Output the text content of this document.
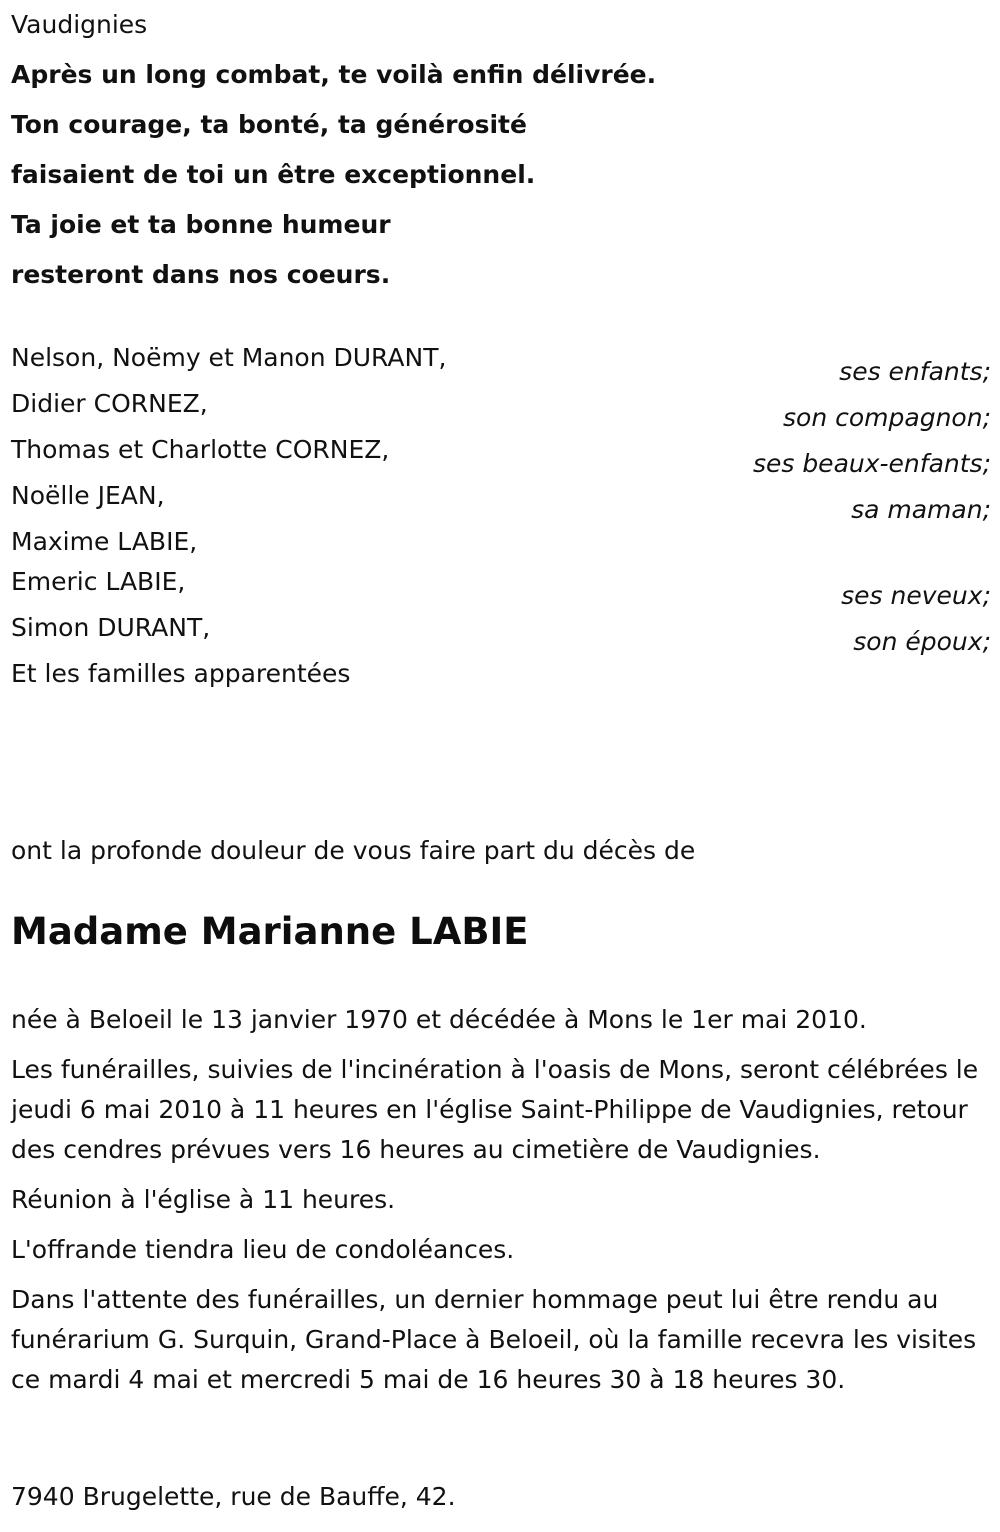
Vaudignies
Après un long combat, te voilà enfin délivrée.
Ton courage, ta bonté, ta générosité
faisaient de toi un être exceptionnel.
Ta joie et ta bonne humeur
resteront dans nos coeurs.
Nelson, Noëmy et Manon DURANT,	ses enfants;
Didier CORNEZ,	son compagnon;
Thomas et Charlotte CORNEZ,	ses beaux-enfants;
Noëlle JEAN,	sa maman;
Maxime LABIE,
Emeric LABIE,	ses neveux;
Simon DURANT,	son époux;
Et les familles apparentées
ont la profonde douleur de vous faire part du décès de
Madame Marianne LABIE

née à Beloeil le 13 janvier 1970 et décédée à Mons le 1er mai 2010.

Les funérailles, suivies de l'incinération à l'oasis de Mons, seront célébrées le jeudi 6 mai 2010 à 11 heures en l'église Saint-Philippe de Vaudignies, retour des cendres prévues vers 16 heures au cimetière de Vaudignies.

Réunion à l'église à 11 heures.

L'offrande tiendra lieu de condoléances.

Dans l'attente des funérailles, un dernier hommage peut lui être rendu au funérarium G. Surquin, Grand-Place à Beloeil, où la famille recevra les visites ce mardi 4 mai et mercredi 5 mai de 16 heures 30 à 18 heures 30.

7940 Brugelette, rue de Bauffe, 42.
